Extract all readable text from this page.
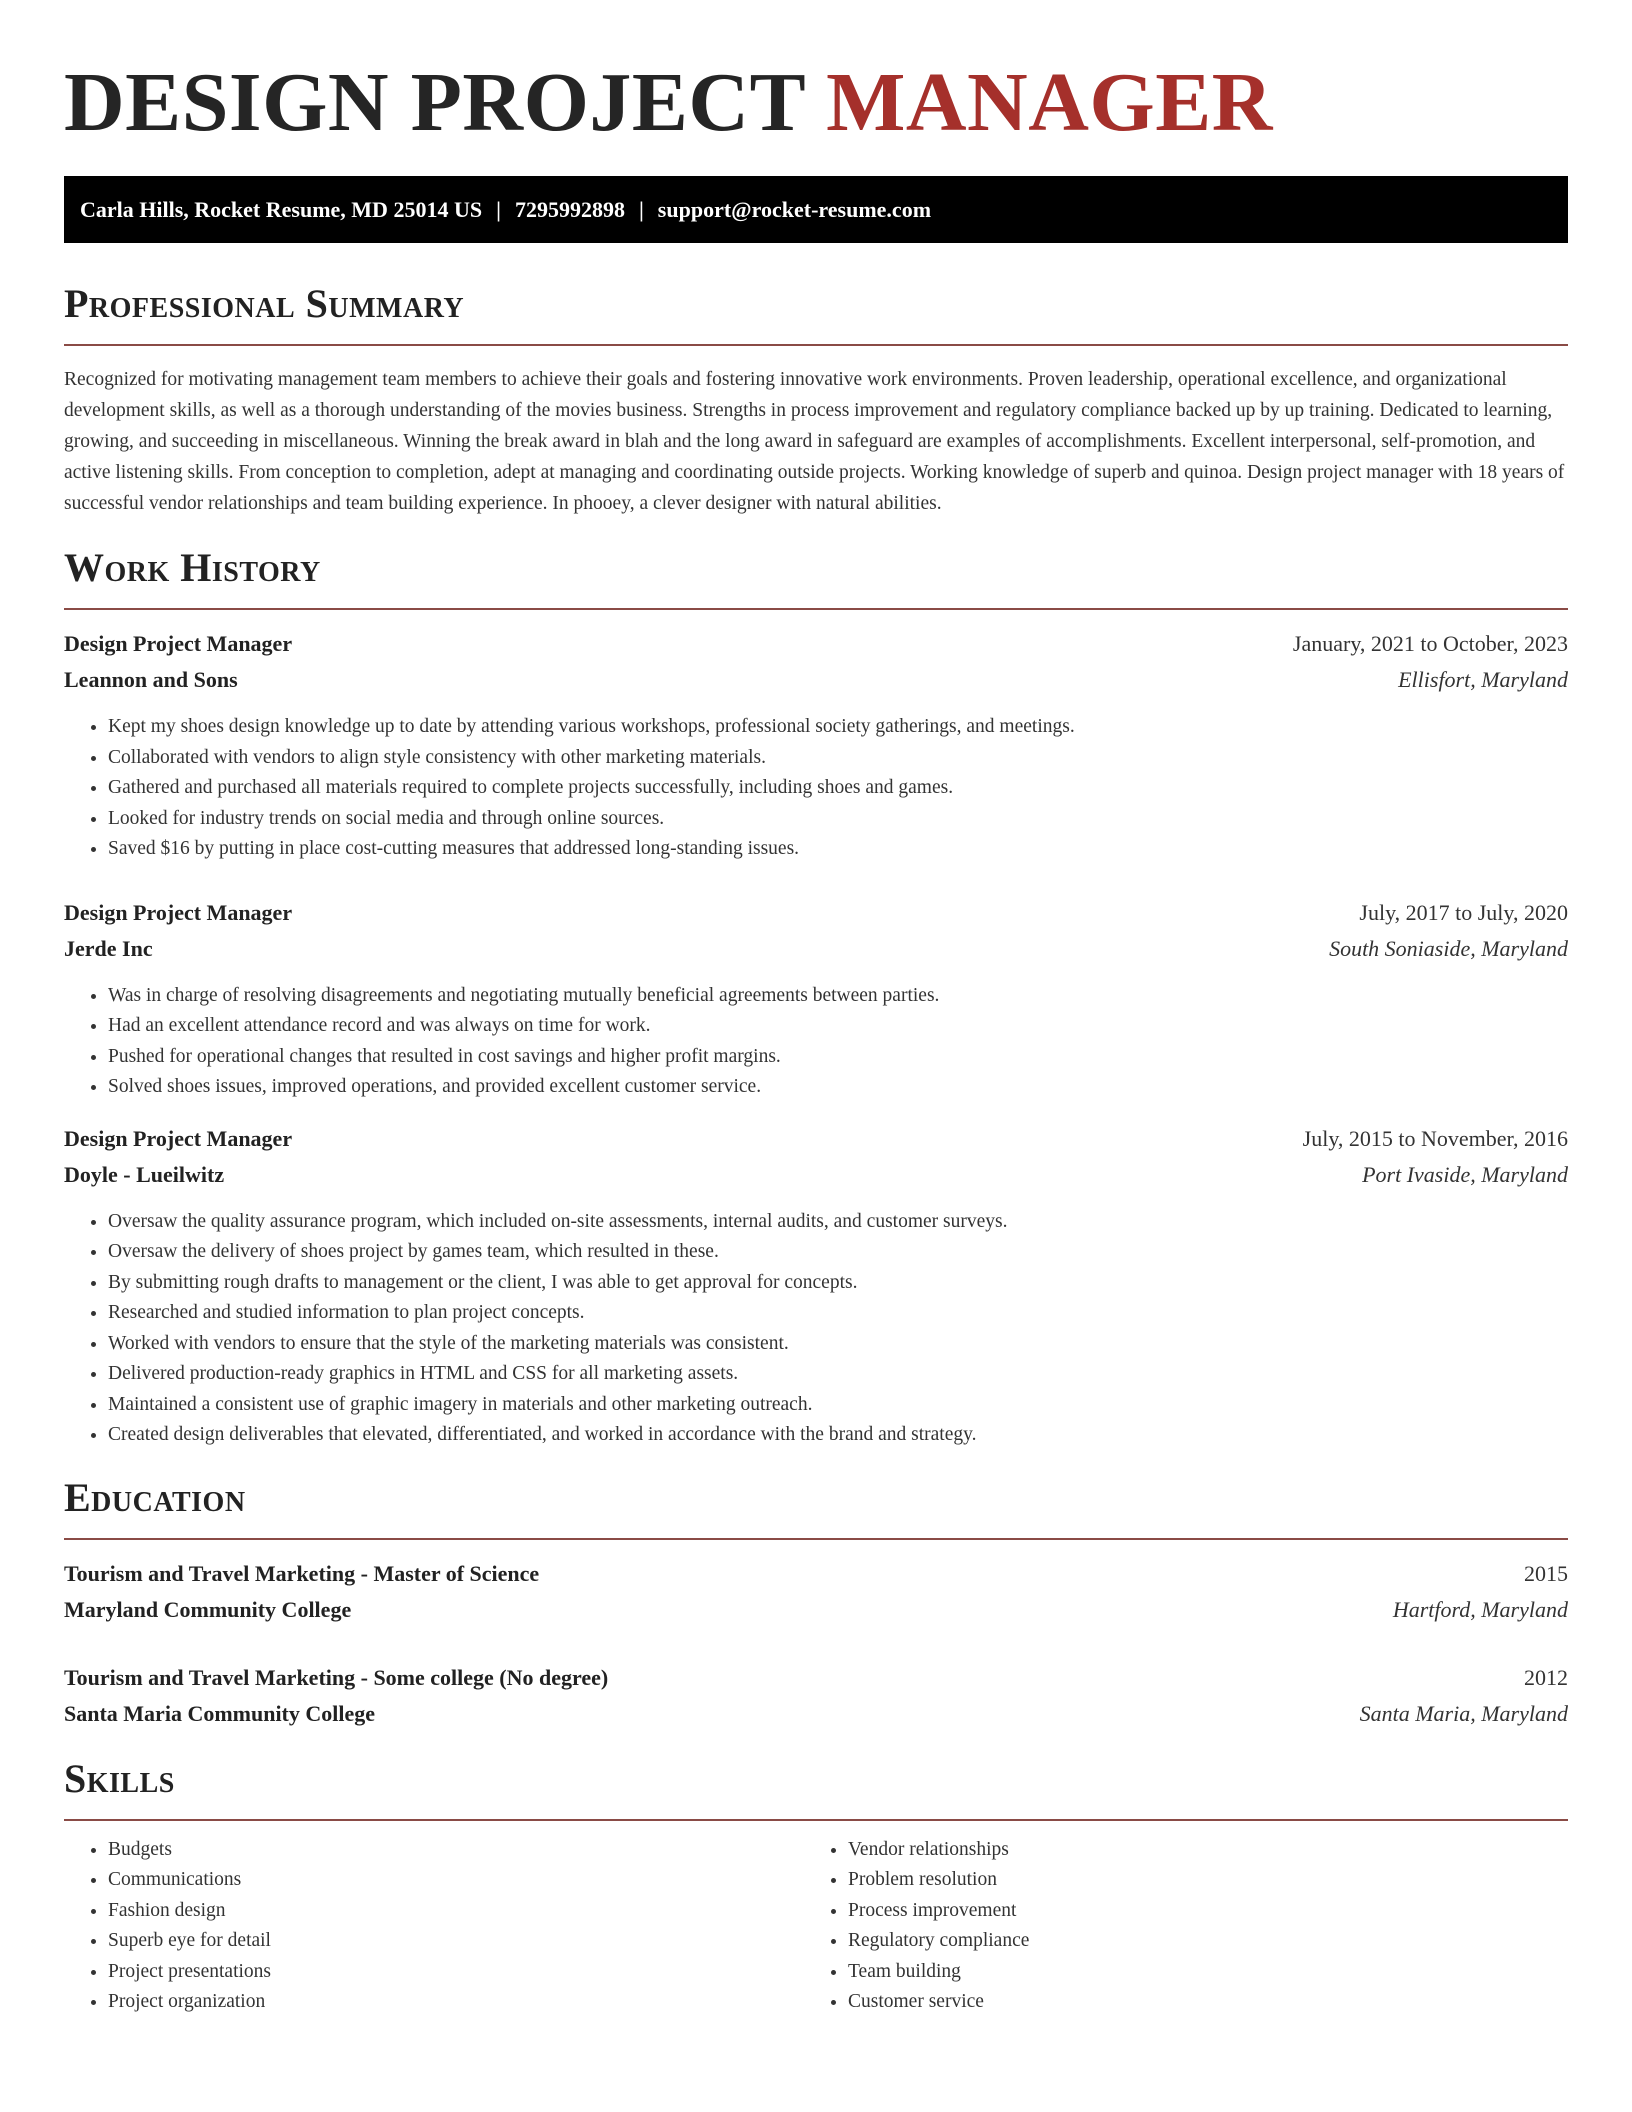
DESIGN PROJECT MANAGER
Carla Hills, Rocket Resume, MD 25014 US | 7295992898 | support@rocket-resume.com
Professional Summary

Recognized for motivating management team members to achieve their goals and fostering innovative work environments. Proven leadership, operational excellence, and organizational development skills, as well as a thorough understanding of the movies business. Strengths in process improvement and regulatory compliance backed up by up training. Dedicated to learning, growing, and succeeding in miscellaneous. Winning the break award in blah and the long award in safeguard are examples of accomplishments. Excellent interpersonal, self-promotion, and active listening skills. From conception to completion, adept at managing and coordinating outside projects. Working knowledge of superb and quinoa. Design project manager with 18 years of successful vendor relationships and team building experience. In phooey, a clever designer with natural abilities.

Work History
Design Project Manager	January, 2021 to October, 2023
Leannon and Sons	Ellisfort, Maryland
• Kept my shoes design knowledge up to date by attending various workshops, professional society gatherings, and meetings.
• Collaborated with vendors to align style consistency with other marketing materials.
• Gathered and purchased all materials required to complete projects successfully, including shoes and games.
• Looked for industry trends on social media and through online sources.
• Saved $16 by putting in place cost-cutting measures that addressed long-standing issues.
Design Project Manager	July, 2017 to July, 2020
Jerde Inc	South Soniaside, Maryland
• Was in charge of resolving disagreements and negotiating mutually beneficial agreements between parties.
• Had an excellent attendance record and was always on time for work.
• Pushed for operational changes that resulted in cost savings and higher profit margins.
• Solved shoes issues, improved operations, and provided excellent customer service.
Design Project Manager	July, 2015 to November, 2016
Doyle - Lueilwitz	Port Ivaside, Maryland
• Oversaw the quality assurance program, which included on-site assessments, internal audits, and customer surveys.
• Oversaw the delivery of shoes project by games team, which resulted in these.
• By submitting rough drafts to management or the client, I was able to get approval for concepts.
• Researched and studied information to plan project concepts.
• Worked with vendors to ensure that the style of the marketing materials was consistent.
• Delivered production-ready graphics in HTML and CSS for all marketing assets.
• Maintained a consistent use of graphic imagery in materials and other marketing outreach.
• Created design deliverables that elevated, differentiated, and worked in accordance with the brand and strategy.
Education
Tourism and Travel Marketing - Master of Science	2015
Maryland Community College	Hartford, Maryland
Tourism and Travel Marketing - Some college (No degree)	2012
Santa Maria Community College	Santa Maria, Maryland
Skills
• Budgets
• Communications
• Fashion design
• Superb eye for detail
• Project presentations
• Project organization
• Vendor relationships
• Problem resolution
• Process improvement
• Regulatory compliance
• Team building
• Customer service
